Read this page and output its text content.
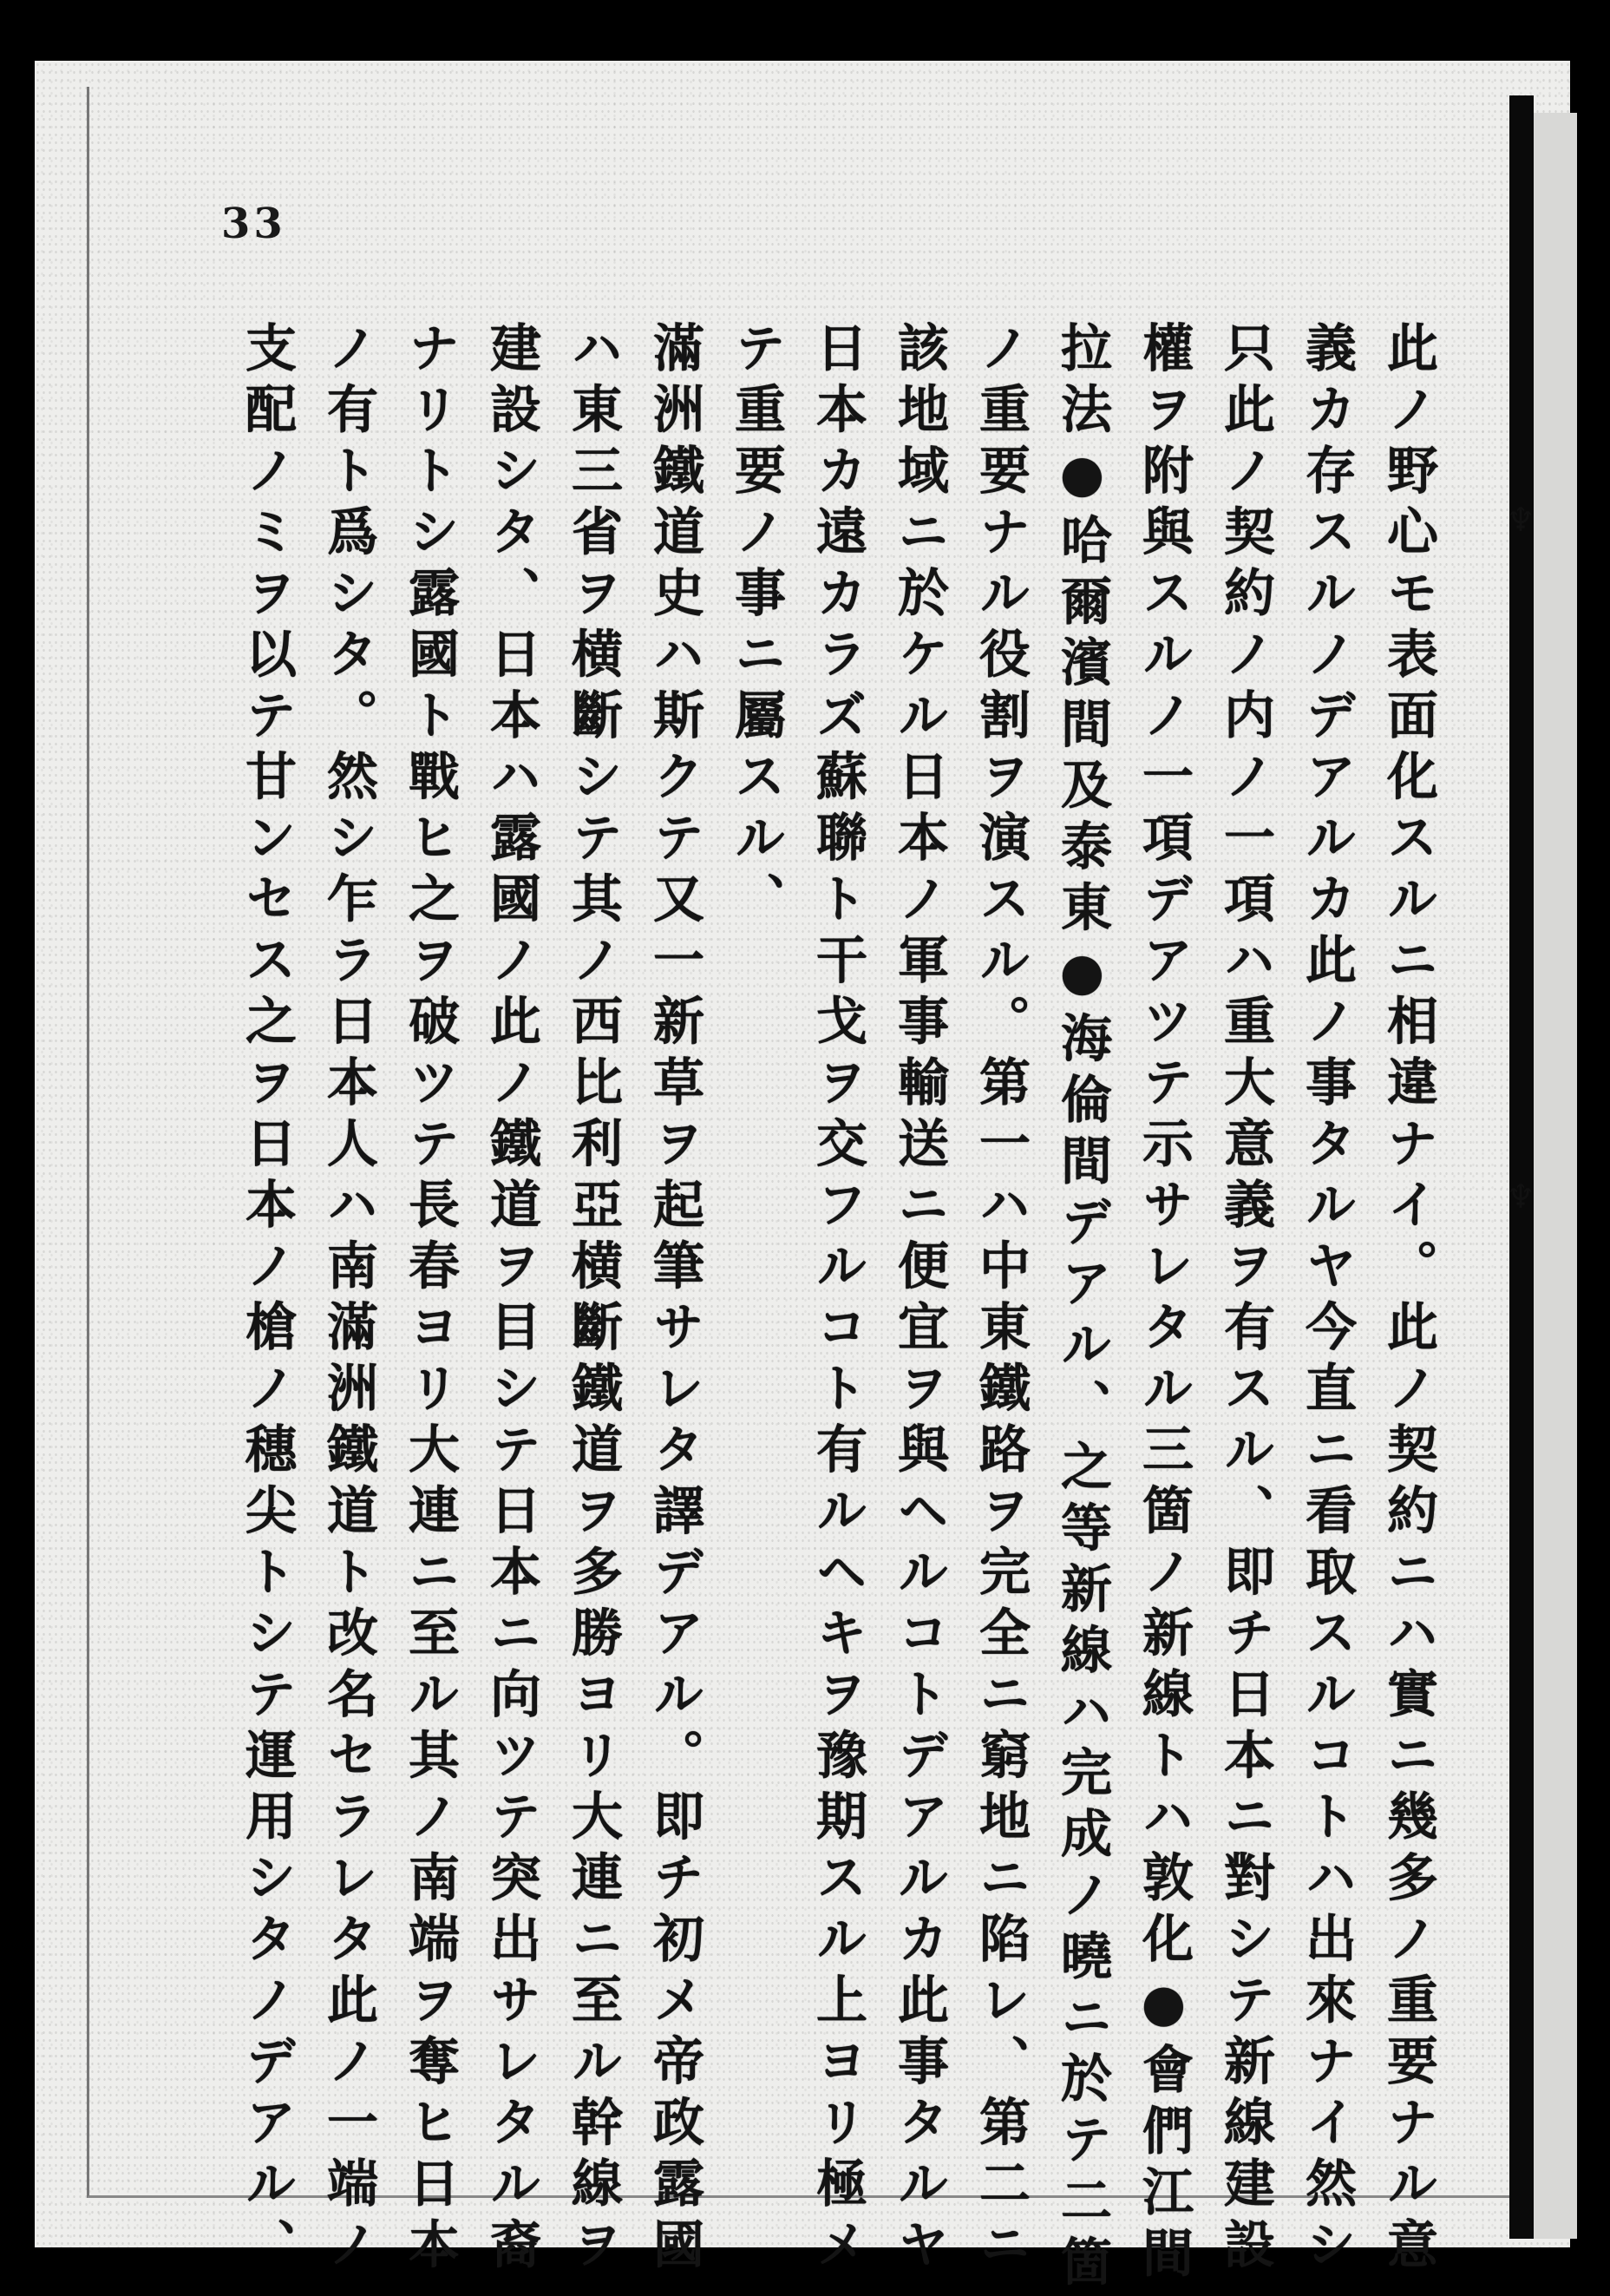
33
此ノ野心モ表面化スルニ相違ナイ。此ノ契約ニハ實ニ幾多ノ重要ナル意
義カ存スルノデアルカ此ノ事タルヤ今直ニ看取スルコトハ出來ナイ然シ
只此ノ契約ノ内ノ一項ハ重大意義ヲ有スル、即チ日本ニ對シテ新線建設
權ヲ附與スルノ一項デアツテ示サレタル三箇ノ新線トハ敦化●會們江間
拉法●哈爾濱間及泰東●海倫間デアル、之等新線ハ完成ノ曉ニ於テ二箇
ノ重要ナル役割ヲ演スル。第一ハ中東鐵路ヲ完全ニ窮地ニ陷レ、第二ニ
該地域ニ於ケル日本ノ軍事輸送ニ便宜ヲ與ヘルコトデアルカ此事タルヤ
日本カ遠カラズ蘇聯ト干戈ヲ交フルコト有ルヘキヲ豫期スル上ヨリ極メ
テ重要ノ事ニ屬スル、
滿洲鐵道史ハ斯クテ又一新草ヲ起筆サレタ譯デアル。即チ初メ帝政露國
ハ東三省ヲ横斷シテ其ノ西比利亞横斷鐵道ヲ多勝ヨリ大連ニ至ル幹線ヲ
建設シタ、日本ハ露國ノ此ノ鐵道ヲ目シテ日本ニ向ツテ突出サレタル裔
ナリトシ露國ト戰ヒ之ヲ破ツテ長春ヨリ大連ニ至ル其ノ南端ヲ奪ヒ日本
ノ有ト爲シタ。然シ乍ラ日本人ハ南滿洲鐵道ト改名セラレタ此ノ一端ノ
支配ノミヲ以テ甘ンセス之ヲ日本ノ槍ノ穗尖トシテ運用シタノデアル、	♆
♆
